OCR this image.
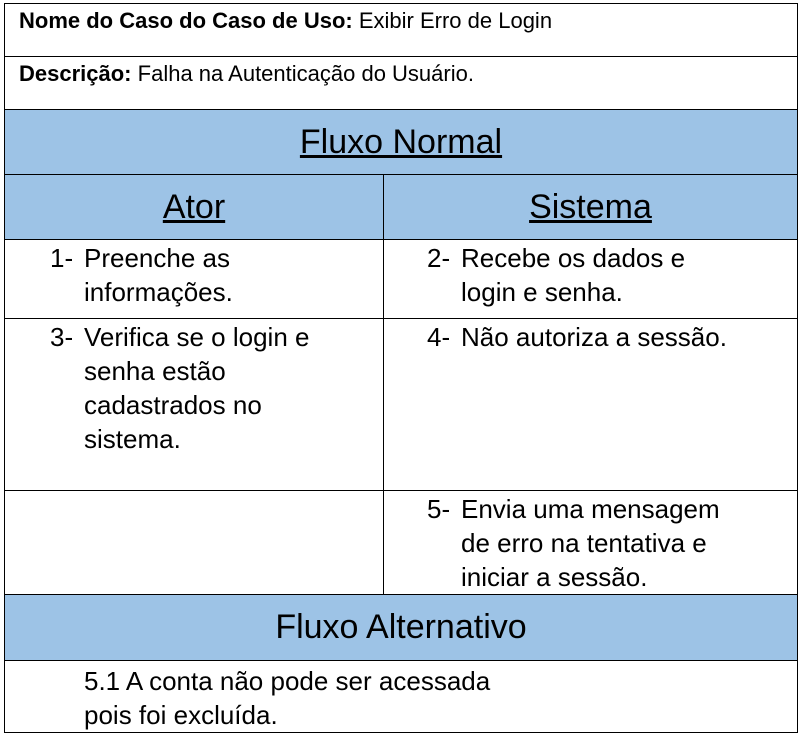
Nome do Caso do Caso de Uso: Exibir Erro de Login	
Descrição: Falha na Autenticação do Usuário.	
Fluxo Normal	
Ator	Sistema

1- Preenche as
informações.	2- Recebe os dados e
login e senha.

3- Verifica se o login e
senha estão
cadastrados no
sistema.	4- Não autoriza a sessão.

	5- Envia uma mensagem
de erro na tentativa e
iniciar a sessão.

Fluxo Alternativo	

5.1 A conta não pode ser acessada
pois foi excluída.	
